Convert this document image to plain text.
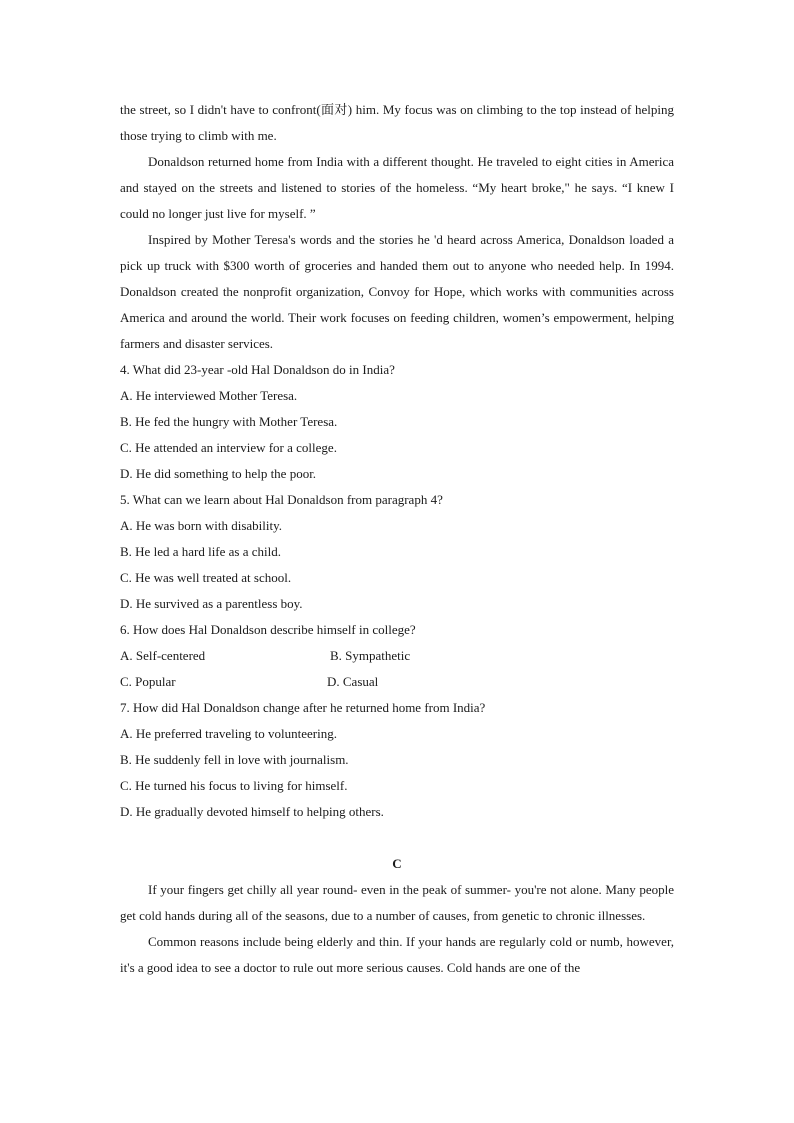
the street, so I didn't have to confront(面对) him. My focus was on climbing to the top instead of helping those trying to climb with me.

Donaldson returned home from India with a different thought. He traveled to eight cities in America and stayed on the streets and listened to stories of the homeless. “My heart broke," he says. “I knew I could no longer just live for myself. ”

Inspired by Mother Teresa's words and the stories he 'd heard across America, Donaldson loaded a pick up truck with $300 worth of groceries and handed them out to anyone who needed help. In 1994. Donaldson created the nonprofit organization, Convoy for Hope, which works with communities across America and around the world. Their work focuses on feeding children, women’s empowerment, helping farmers and disaster services.

4. What did 23-year -old Hal Donaldson do in India?

A. He interviewed Mother Teresa.

B. He fed the hungry with Mother Teresa.

C. He attended an interview for a college.

D. He did something to help the poor.

5. What can we learn about Hal Donaldson from paragraph 4?

A. He was born with disability.

B. He led a hard life as a child.

C. He was well treated at school.

D. He survived as a parentless boy.

6. How does Hal Donaldson describe himself in college?

A. Self-centered	B. Sympathetic
C. Popular	D. Casual

7. How did Hal Donaldson change after he returned home from India?

A. He preferred traveling to volunteering.

B. He suddenly fell in love with journalism.

C. He turned his focus to living for himself.

D. He gradually devoted himself to helping others.

C

If your fingers get chilly all year round- even in the peak of summer- you're not alone. Many people get cold hands during all of the seasons, due to a number of causes, from genetic to chronic illnesses.

Common reasons include being elderly and thin. If your hands are regularly cold or numb, however, it's a good idea to see a doctor to rule out more serious causes. Cold hands are one of the
